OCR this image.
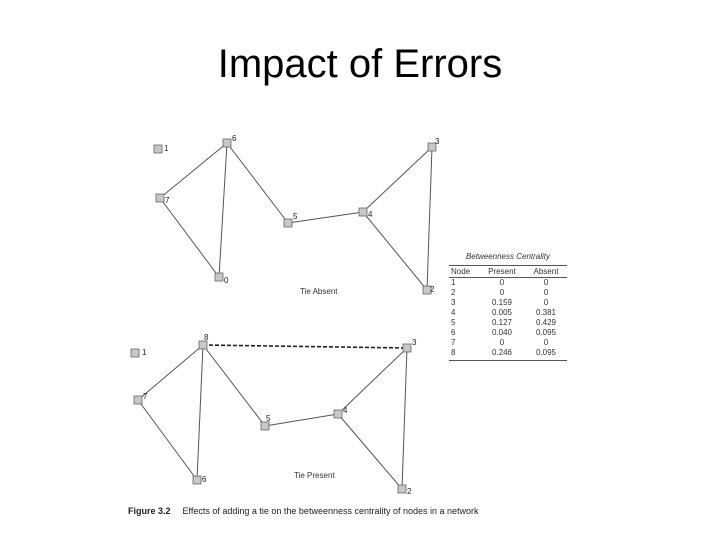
Impact of Errors
1
6
7
5
0
4
3
2
Tie Absent
1
8
7
5
6
4
3
2
Tie Present
Betweenness Centrality
Node	Present	Absent
1	0	0
2	0	0
3	0.159	0
4	0.005	0.381
5	0.127	0.429
6	0.040	0.095
7	0	0
8	0.246	0.095
Figure 3.2 Effects of adding a tie on the betweenness centrality of nodes in a network
